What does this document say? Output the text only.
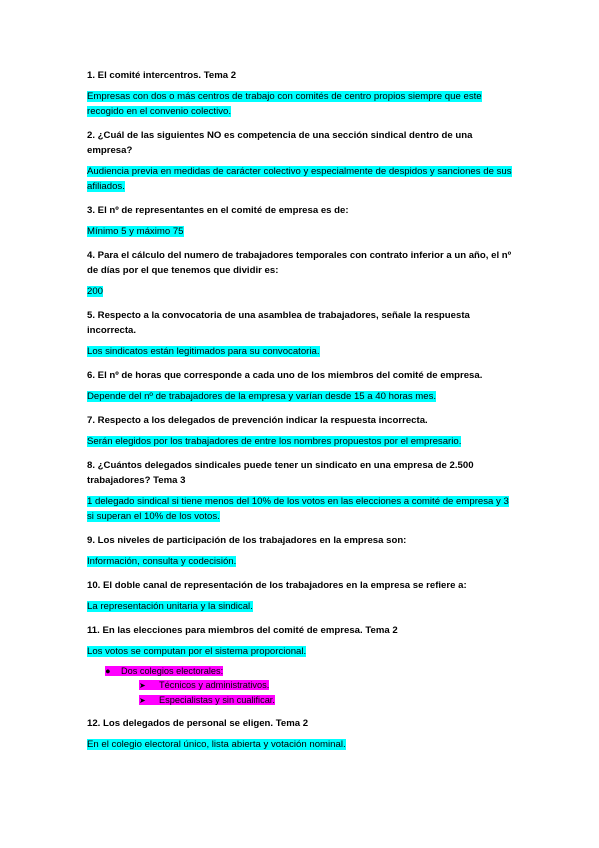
1. El comité intercentros. Tema 2

Empresas con dos o más centros de trabajo con comités de centro propios siempre que este recogido en el convenio colectivo.

2. ¿Cuál de las siguientes NO es competencia de una sección sindical dentro de una empresa?

Audiencia previa en medidas de carácter colectivo y especialmente de despidos y sanciones de sus afiliados.

3. El nº de representantes en el comité de empresa es de:

Mínimo 5 y máximo 75

4. Para el cálculo del numero de trabajadores temporales con contrato inferior a un año, el nº de días por el que tenemos que dividir es:

200

5. Respecto a la convocatoria de una asamblea de trabajadores, señale la respuesta incorrecta.

Los sindicatos están legitimados para su convocatoria.

6. El nº de horas que corresponde a cada uno de los miembros del comité de empresa.

Depende del nº de trabajadores de la empresa y varían desde 15 a 40 horas mes.

7. Respecto a los delegados de prevención indicar la respuesta incorrecta.

Serán elegidos por los trabajadores de entre los nombres propuestos por el empresario.

8. ¿Cuántos delegados sindicales puede tener un sindicato en una empresa de 2.500 trabajadores? Tema 3

1 delegado sindical si tiene menos del 10% de los votos en las elecciones a comité de empresa y 3 si superan el 10% de los votos.

9. Los niveles de participación de los trabajadores en la empresa son:

Información, consulta y codecisión.

10. El doble canal de representación de los trabajadores en la empresa se refiere a:

La representación unitaria y la sindical.

11. En las elecciones para miembros del comité de empresa. Tema 2

Los votos se computan por el sistema proporcional.

● Dos colegios electorales:
➤ Técnicos y administrativos.
➤ Especialistas y sin cualificar.

12. Los delegados de personal se eligen. Tema 2

En el colegio electoral único, lista abierta y votación nominal.
